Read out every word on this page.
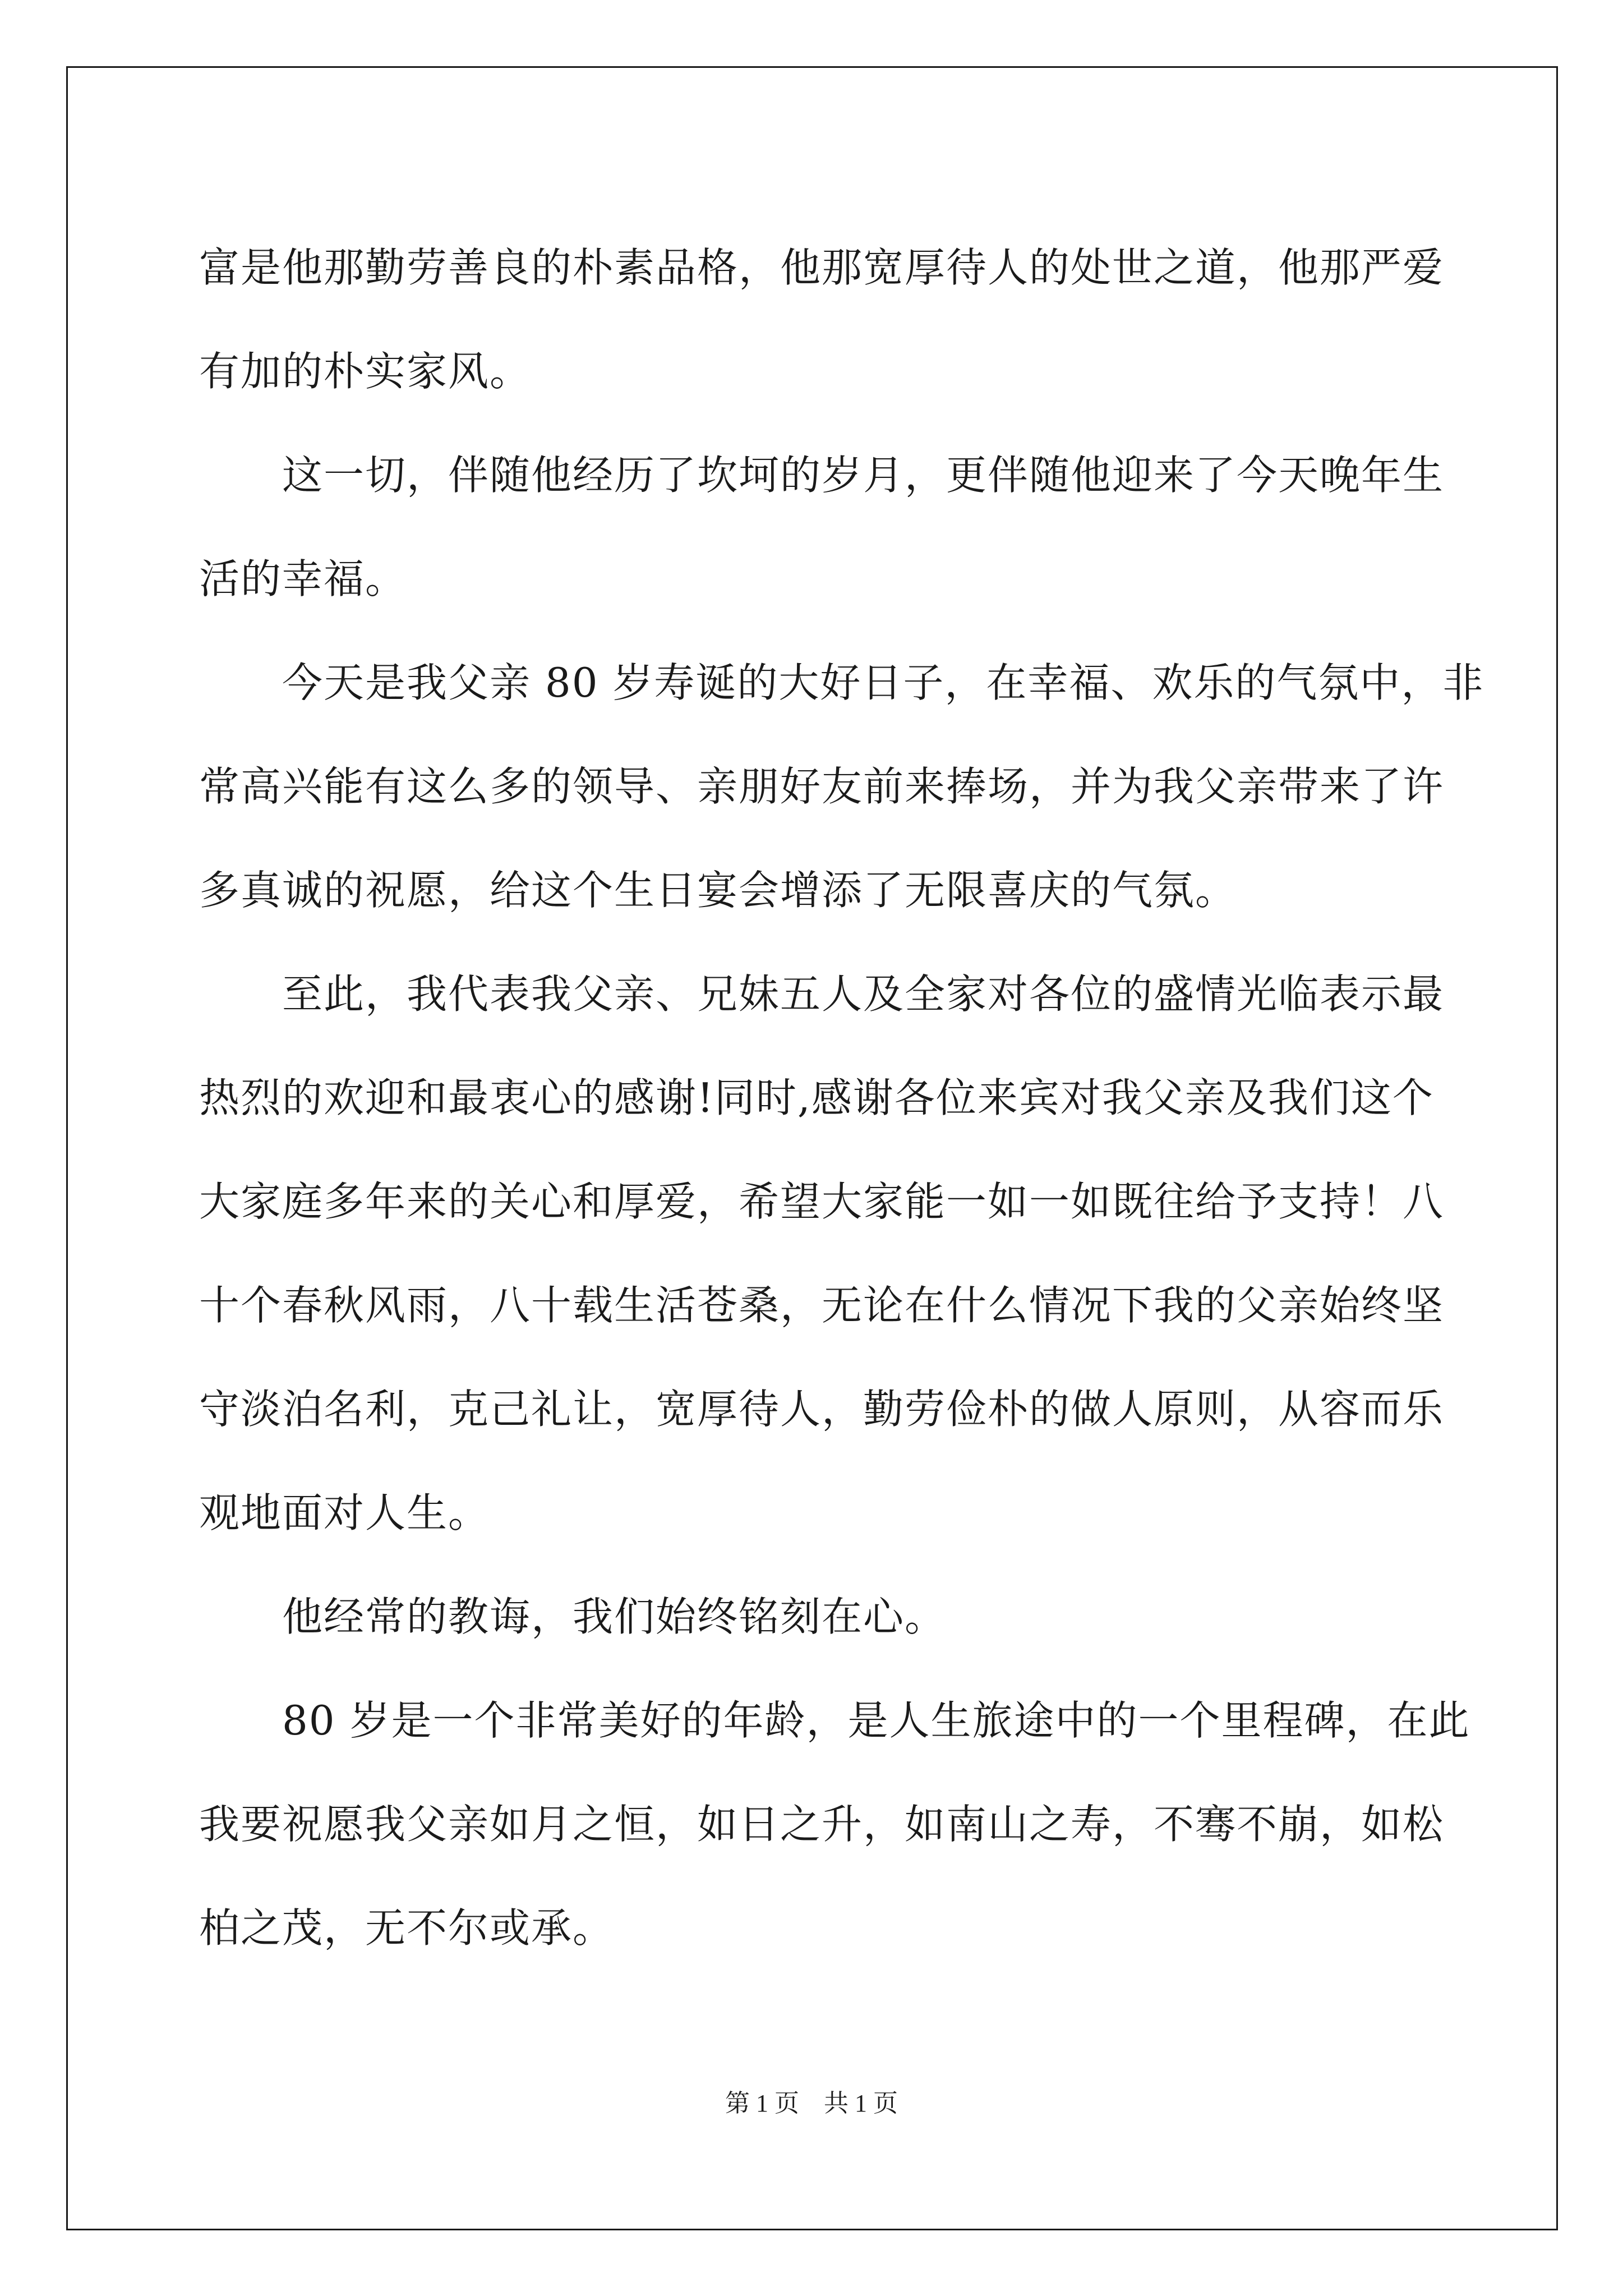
富是他那勤劳善良的朴素品格，他那宽厚待人的处世之道，他那严爱
有加的朴实家风。
　　这一切，伴随他经历了坎坷的岁月，更伴随他迎来了今天晚年生
活的幸福。
　　今天是我父亲 80 岁寿诞的大好日子，在幸福、欢乐的气氛中，非
常高兴能有这么多的领导、亲朋好友前来捧场，并为我父亲带来了许
多真诚的祝愿，给这个生日宴会增添了无限喜庆的气氛。
　　至此，我代表我父亲、兄妹五人及全家对各位的盛情光临表示最
热烈的欢迎和最衷心的感谢!同时,感谢各位来宾对我父亲及我们这个
大家庭多年来的关心和厚爱，希望大家能一如一如既往给予支持！八
十个春秋风雨，八十载生活苍桑，无论在什么情况下我的父亲始终坚
守淡泊名利，克己礼让，宽厚待人，勤劳俭朴的做人原则，从容而乐
观地面对人生。
　　他经常的教诲，我们始终铭刻在心。
　　80 岁是一个非常美好的年龄，是人生旅途中的一个里程碑，在此
我要祝愿我父亲如月之恒，如日之升，如南山之寿，不骞不崩，如松
柏之茂，无不尔或承。
第 1 页　共 1 页
